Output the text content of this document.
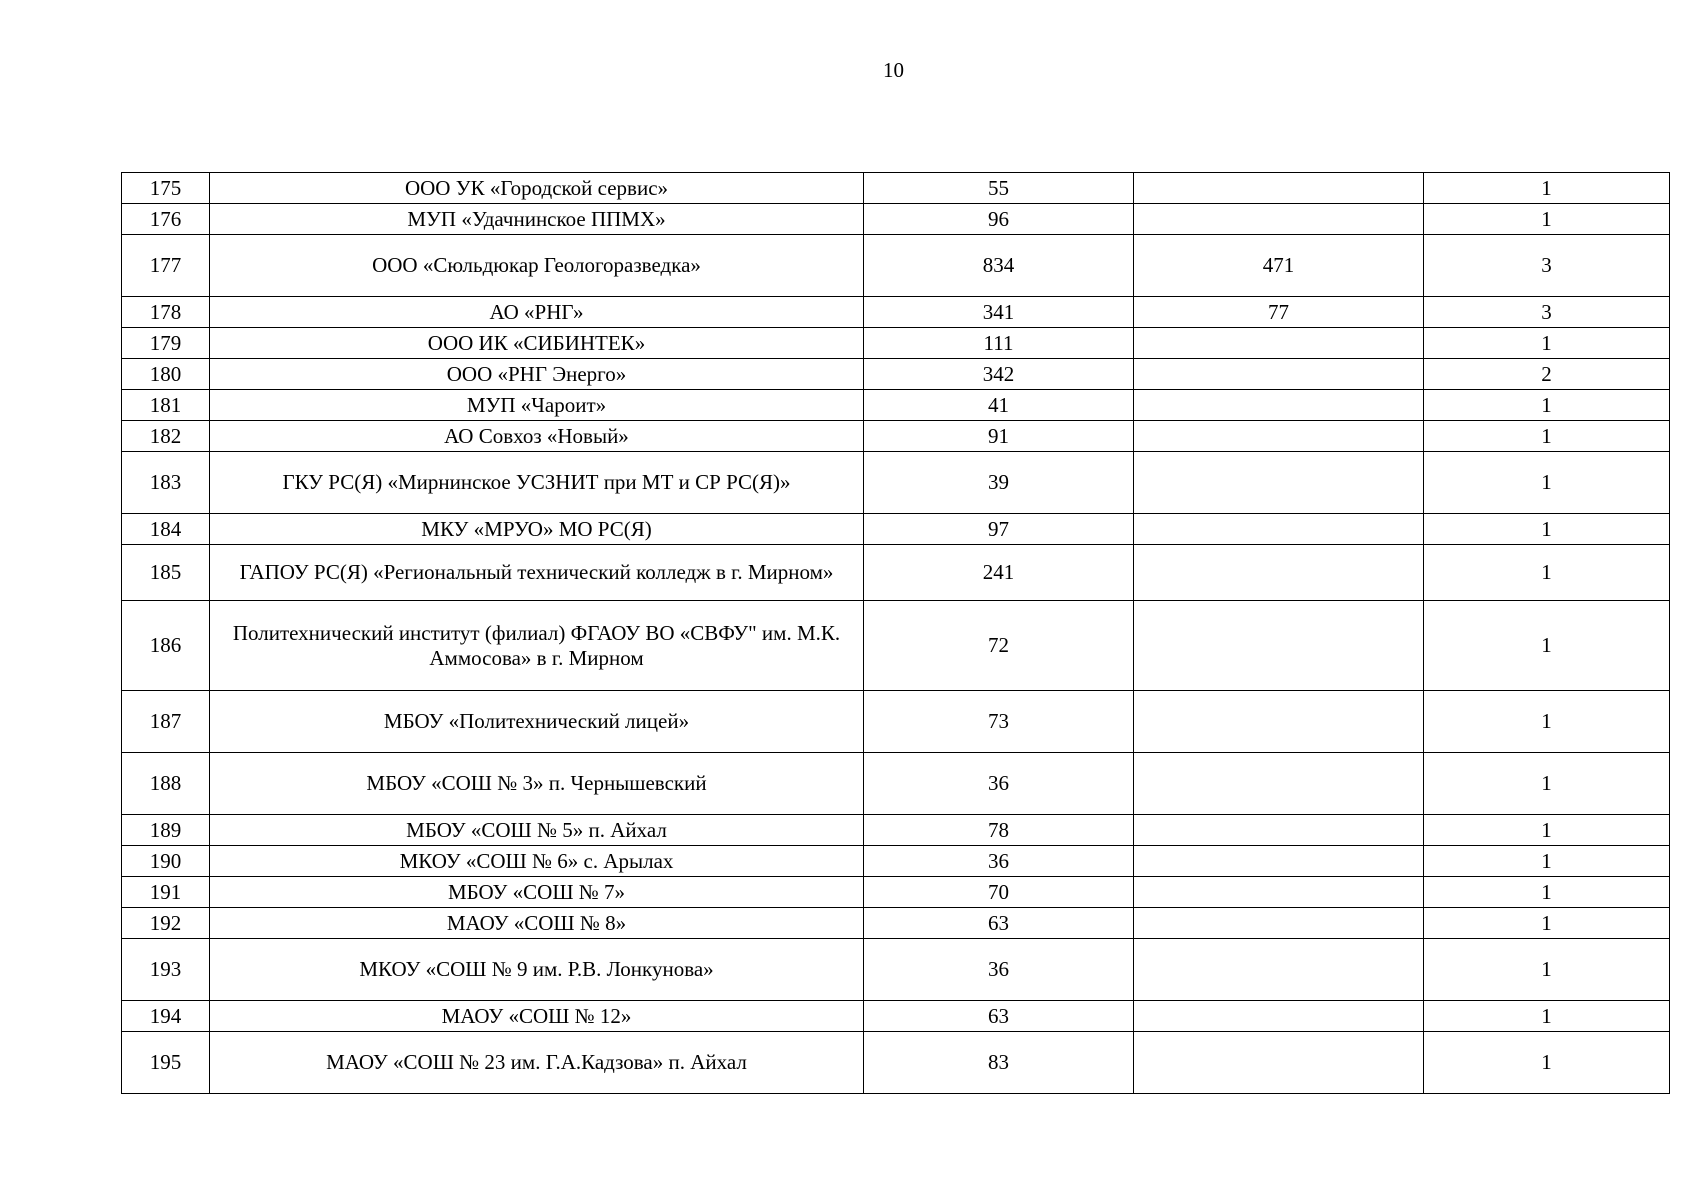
10
175	ООО УК «Городской сервис»	55		1
176	МУП «Удачнинское ППМХ»	96		1
177	ООО «Сюльдюкар Геологоразведка»	834	471	3
178	АО «РНГ»	341	77	3
179	ООО ИК «СИБИНТЕК»	111		1
180	ООО «РНГ Энерго»	342		2
181	МУП «Чароит»	41		1
182	АО Совхоз «Новый»	91		1
183	ГКУ РС(Я) «Мирнинское УСЗНИТ при МТ и СР РС(Я)»	39		1
184	МКУ «МРУО» МО РС(Я)	97		1
185	ГАПОУ РС(Я) «Региональный технический колледж в г. Мирном»	241		1
186	Политехнический институт (филиал) ФГАОУ ВО «СВФУ" им. М.К. Аммосова» в г. Мирном	72		1
187	МБОУ «Политехнический лицей»	73		1
188	МБОУ «СОШ № 3» п. Чернышевский	36		1
189	МБОУ «СОШ № 5» п. Айхал	78		1
190	МКОУ «СОШ № 6» с. Арылах	36		1
191	МБОУ «СОШ № 7»	70		1
192	МАОУ «СОШ № 8»	63		1
193	МКОУ «СОШ № 9 им. Р.В. Лонкунова»	36		1
194	МАОУ «СОШ № 12»	63		1
195	МАОУ «СОШ № 23 им. Г.А.Кадзова» п. Айхал	83		1
